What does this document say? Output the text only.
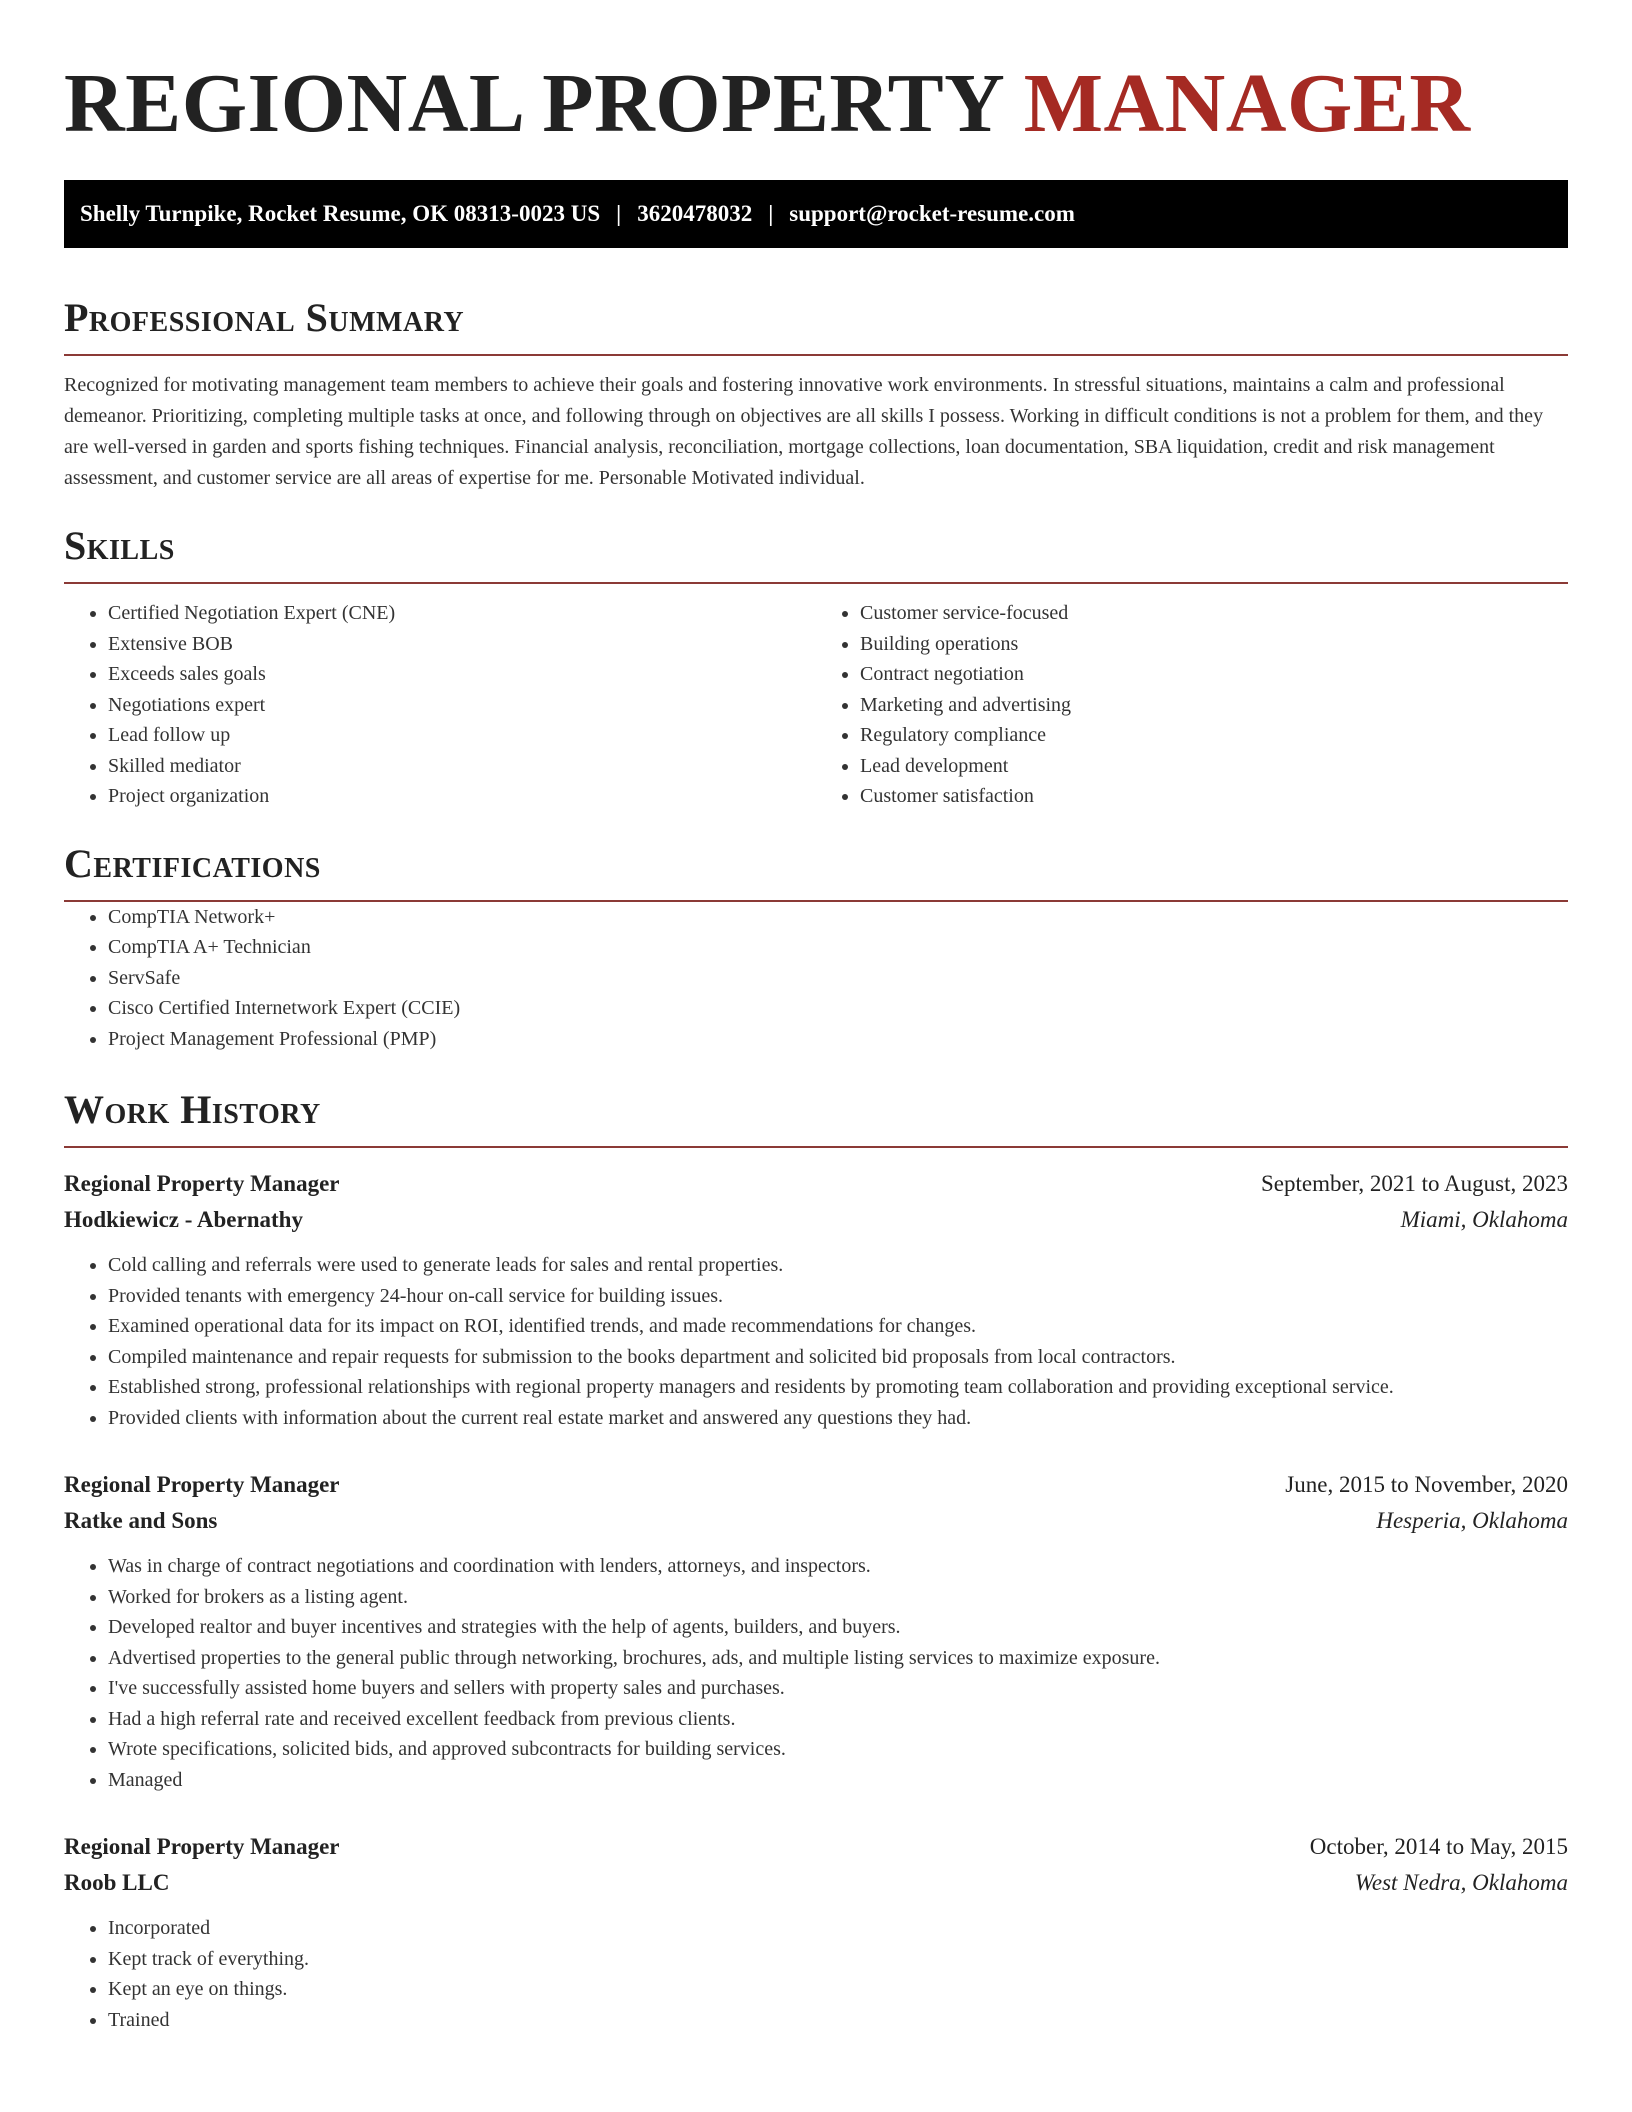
REGIONAL PROPERTY MANAGER
Shelly Turnpike, Rocket Resume, OK 08313-0023 US | 3620478032 | support@rocket-resume.com
Professional Summary

Recognized for motivating management team members to achieve their goals and fostering innovative work environments. In stressful situations, maintains a calm and professional demeanor. Prioritizing, completing multiple tasks at once, and following through on objectives are all skills I possess. Working in difficult conditions is not a problem for them, and they are well-versed in garden and sports fishing techniques. Financial analysis, reconciliation, mortgage collections, loan documentation, SBA liquidation, credit and risk management assessment, and customer service are all areas of expertise for me. Personable Motivated individual.

Skills
• Certified Negotiation Expert (CNE)
• Extensive BOB
• Exceeds sales goals
• Negotiations expert
• Lead follow up
• Skilled mediator
• Project organization
• Customer service-focused
• Building operations
• Contract negotiation
• Marketing and advertising
• Regulatory compliance
• Lead development
• Customer satisfaction
Certifications
• CompTIA Network+
• CompTIA A+ Technician
• ServSafe
• Cisco Certified Internetwork Expert (CCIE)
• Project Management Professional (PMP)
Work History
Regional Property Manager	September, 2021 to August, 2023
Hodkiewicz - Abernathy	Miami, Oklahoma
• Cold calling and referrals were used to generate leads for sales and rental properties.
• Provided tenants with emergency 24-hour on-call service for building issues.
• Examined operational data for its impact on ROI, identified trends, and made recommendations for changes.
• Compiled maintenance and repair requests for submission to the books department and solicited bid proposals from local contractors.
• Established strong, professional relationships with regional property managers and residents by promoting team collaboration and providing exceptional service.
• Provided clients with information about the current real estate market and answered any questions they had.
Regional Property Manager	June, 2015 to November, 2020
Ratke and Sons	Hesperia, Oklahoma
• Was in charge of contract negotiations and coordination with lenders, attorneys, and inspectors.
• Worked for brokers as a listing agent.
• Developed realtor and buyer incentives and strategies with the help of agents, builders, and buyers.
• Advertised properties to the general public through networking, brochures, ads, and multiple listing services to maximize exposure.
• I've successfully assisted home buyers and sellers with property sales and purchases.
• Had a high referral rate and received excellent feedback from previous clients.
• Wrote specifications, solicited bids, and approved subcontracts for building services.
• Managed
Regional Property Manager	October, 2014 to May, 2015
Roob LLC	West Nedra, Oklahoma
• Incorporated
• Kept track of everything.
• Kept an eye on things.
• Trained
